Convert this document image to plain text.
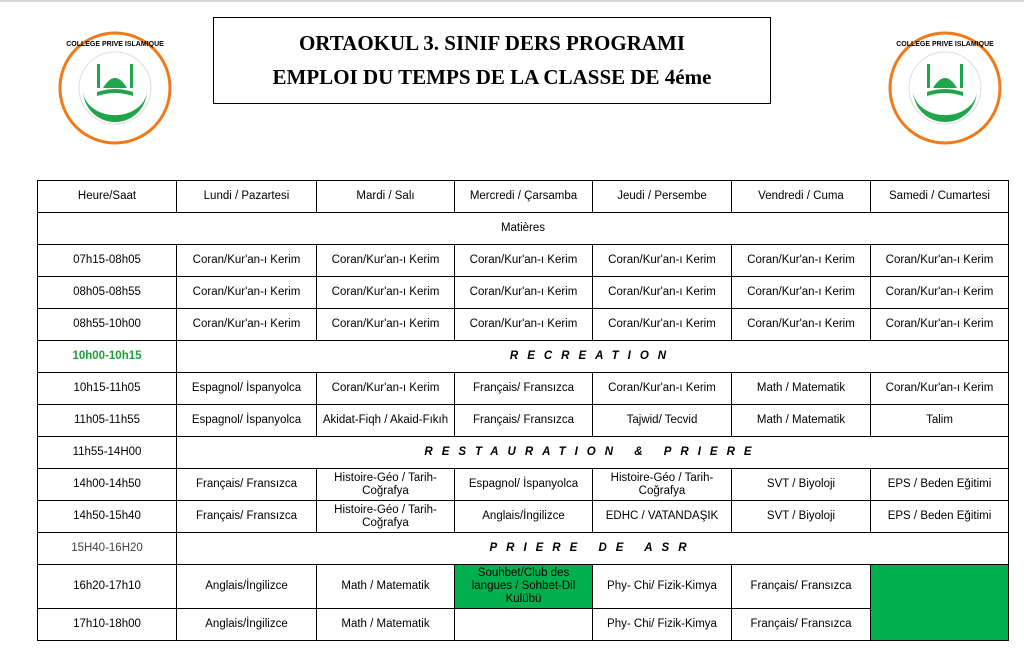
COLLEGE PRIVE ISLAMIQUE	COLLEGE PRIVE ISLAMIQUE
ORTAOKUL 3. SINIF DERS PROGRAMI
EMPLOI DU TEMPS DE LA CLASSE DE 4éme
Heure/Saat	Lundi / Pazartesi	Mardi / Salı	Mercredi / Çarsamba	Jeudi / Persembe	Vendredi / Cuma	Samedi / Cumartesi
Matières						
07h15-08h05	Coran/Kur'an-ı Kerim	Coran/Kur'an-ı Kerim	Coran/Kur'an-ı Kerim	Coran/Kur'an-ı Kerim	Coran/Kur'an-ı Kerim	Coran/Kur'an-ı Kerim
08h05-08h55	Coran/Kur'an-ı Kerim	Coran/Kur'an-ı Kerim	Coran/Kur'an-ı Kerim	Coran/Kur'an-ı Kerim	Coran/Kur'an-ı Kerim	Coran/Kur'an-ı Kerim
08h55-10h00	Coran/Kur'an-ı Kerim	Coran/Kur'an-ı Kerim	Coran/Kur'an-ı Kerim	Coran/Kur'an-ı Kerim	Coran/Kur'an-ı Kerim	Coran/Kur'an-ı Kerim
10h00-10h15	RECREATION					
10h15-11h05	Espagnol/ İspanyolca	Coran/Kur'an-ı Kerim	Français/ Fransızca	Coran/Kur'an-ı Kerim	Math / Matematik	Coran/Kur'an-ı Kerim
11h05-11h55	Espagnol/ İspanyolca	Akidat-Fiqh / Akaid-Fıkıh	Français/ Fransızca	Tajwid/ Tecvid	Math / Matematik	Talim
11h55-14H00	RESTAURATION & PRIERE					
14h00-14h50	Français/ Fransızca	Histoire-Géo / Tarih-Coğrafya	Espagnol/ İspanyolca	Histoire-Géo / Tarih-Coğrafya	SVT / Biyoloji	EPS / Beden Eğitimi
14h50-15h40	Français/ Fransızca	Histoire-Géo / Tarih-Coğrafya	Anglais/İngilizce	EDHC / VATANDAŞIK	SVT / Biyoloji	EPS / Beden Eğitimi
15H40-16H20	PRIERE DE ASR					
16h20-17h10	Anglais/İngilizce	Math / Matematik	Souhbet/Club des langues / Sohbet-Dil Kulübü	Phy- Chi/ Fizik-Kimya	Français/ Fransızca	
17h10-18h00	Anglais/İngilizce	Math / Matematik		Phy- Chi/ Fizik-Kimya	Français/ Fransızca	
